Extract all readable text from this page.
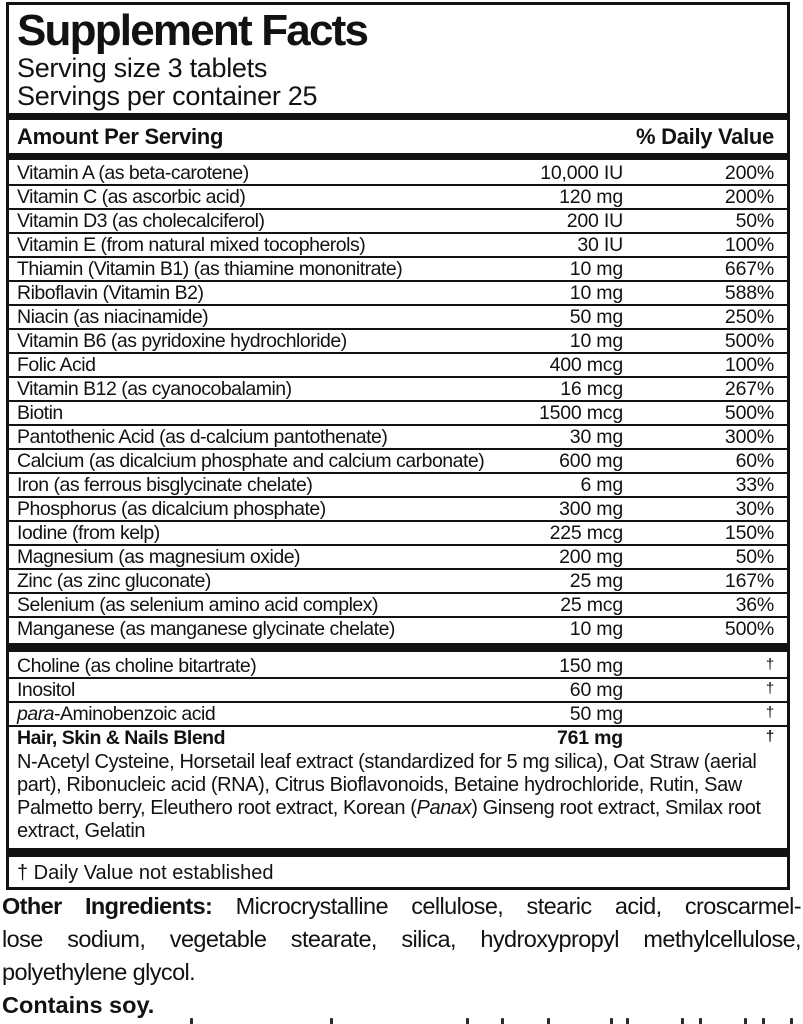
Supplement Facts
Serving size 3 tablets
Servings per container 25
Amount Per Serving	% Daily Value
Vitamin A (as beta-carotene)	10,000 IU	200%
Vitamin C (as ascorbic acid)	120 mg	200%
Vitamin D3 (as cholecalciferol)	200 IU	50%
Vitamin E (from natural mixed tocopherols)	30 IU	100%
Thiamin (Vitamin B1) (as thiamine mononitrate)	10 mg	667%
Riboflavin (Vitamin B2)	10 mg	588%
Niacin (as niacinamide)	50 mg	250%
Vitamin B6 (as pyridoxine hydrochloride)	10 mg	500%
Folic Acid	400 mcg	100%
Vitamin B12 (as cyanocobalamin)	16 mcg	267%
Biotin	1500 mcg	500%
Pantothenic Acid (as d-calcium pantothenate)	30 mg	300%
Calcium (as dicalcium phosphate and calcium carbonate)	600 mg	60%
Iron (as ferrous bisglycinate chelate)	6 mg	33%
Phosphorus (as dicalcium phosphate)	300 mg	30%
Iodine (from kelp)	225 mcg	150%
Magnesium (as magnesium oxide)	200 mg	50%
Zinc (as zinc gluconate)	25 mg	167%
Selenium (as selenium amino acid complex)	25 mcg	36%
Manganese (as manganese glycinate chelate)	10 mg	500%
Choline (as choline bitartrate)	150 mg	†
Inositol	60 mg	†
para-Aminobenzoic acid	50 mg	†
Hair, Skin & Nails Blend	761 mg	†
N-Acetyl Cysteine, Horsetail leaf extract (standardized for 5 mg silica), Oat Straw (aerial part), Ribonucleic acid (RNA), Citrus Bioflavonoids, Betaine hydrochloride, Rutin, Saw Palmetto berry, Eleuthero root extract, Korean (Panax) Ginseng root extract, Smilax root extract, Gelatin
† Daily Value not established
Other Ingredients: Microcrystalline cellulose, stearic acid, croscarmel-
lose sodium, vegetable stearate, silica, hydroxypropyl methylcellulose,
polyethylene glycol.
Contains soy.
